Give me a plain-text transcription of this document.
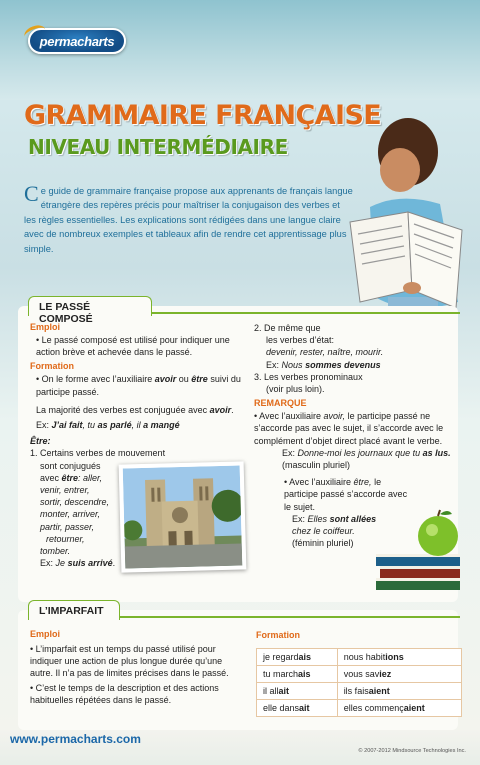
permacharts
GRAMMAIRE FRANÇAISE
NIVEAU INTERMÉDIAIRE
Ce guide de grammaire française propose aux apprenants de français langue étrangère des repères précis pour maîtriser la conjugaison des verbes et les règles essentielles. Les explications sont rédigées dans une langue claire avec de nombreux exemples et tableaux afin de rendre cet apprentissage plus simple.
LE PASSÉ COMPOSÉ
Emploi
• Le passé composé est utilisé pour indiquer une action brève et achevée dans le passé.
Formation
• On le forme avec l’auxiliaire avoir ou être suivi du participe passé.
La majorité des verbes est conjuguée avec avoir.
Ex: J’ai fait, tu as parlé, il a mangé
Être:
1. Certains verbes de mouvement
sont conjugués
avec être: aller,
venir, entrer,
sortir, descendre,
monter, arriver,
partir, passer,
retourner,
tomber.
Ex: Je suis arrivé.
2. De même que
les verbes d’état:
devenir, rester, naître, mourir.
Ex: Nous sommes devenus
3. Les verbes pronominaux
(voir plus loin).
REMARQUE
• Avec l’auxiliaire avoir, le participe passé ne s’accorde pas avec le sujet, il s’accorde avec le complément d’objet direct placé avant le verbe.
Ex: Donne-moi les journaux que tu as lus.
(masculin pluriel)
• Avec l’auxiliaire être, le participe passé s’accorde avec le sujet.
Ex: Elles sont allées
chez le coiffeur.
(féminin pluriel)
L’IMPARFAIT
Emploi
• L’imparfait est un temps du passé utilisé pour indiquer une action de plus longue durée qu’une autre. Il n’a pas de limites précises dans le passé.
• C’est le temps de la description et des actions habituelles répétées dans le passé.
Formation
je regardais	nous habitions
tu marchais	vous saviez
il allait	ils faisaient
elle dansait	elles commençaient
www.permacharts.com
© 2007-2012 Mindsource Technologies Inc.
